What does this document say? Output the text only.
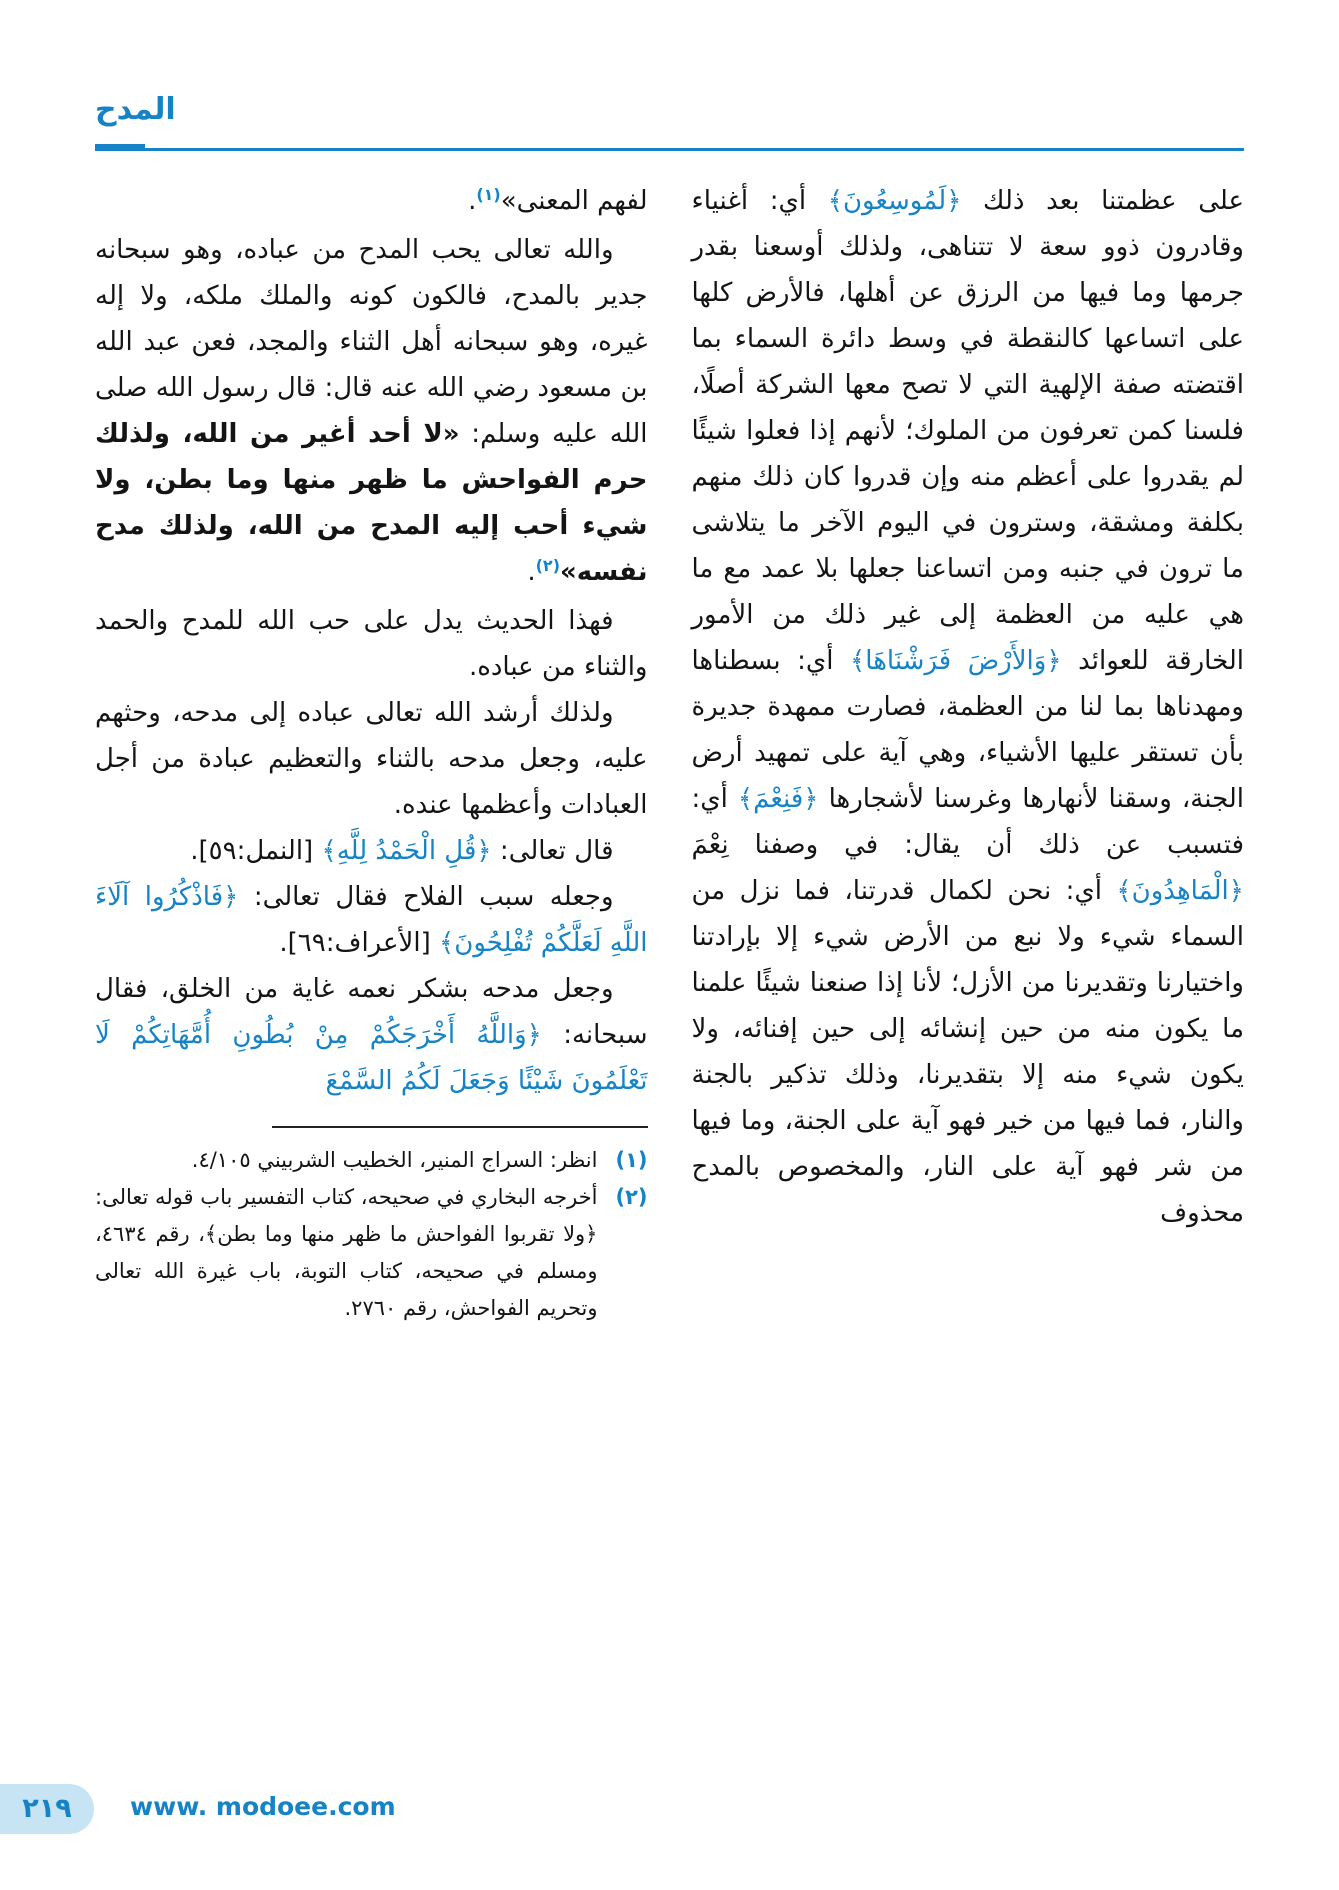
المدح

على عظمتنا بعد ذلك ﴿لَمُوسِعُونَ﴾ أي: أغنياء وقادرون ذوو سعة لا تتناهى، ولذلك أوسعنا بقدر جرمها وما فيها من الرزق عن أهلها، فالأرض كلها على اتساعها كالنقطة في وسط دائرة السماء بما اقتضته صفة الإلهية التي لا تصح معها الشركة أصلًا، فلسنا كمن تعرفون من الملوك؛ لأنهم إذا فعلوا شيئًا لم يقدروا على أعظم منه وإن قدروا كان ذلك منهم بكلفة ومشقة، وسترون في اليوم الآخر ما يتلاشى ما ترون في جنبه ومن اتساعنا جعلها بلا عمد مع ما هي عليه من العظمة إلى غير ذلك من الأمور الخارقة للعوائد ﴿وَالأَرْضَ فَرَشْنَاهَا﴾ أي: بسطناها ومهدناها بما لنا من العظمة، فصارت ممهدة جديرة بأن تستقر عليها الأشياء، وهي آية على تمهيد أرض الجنة، وسقنا لأنهارها وغرسنا لأشجارها ﴿فَنِعْمَ﴾ أي: فتسبب عن ذلك أن يقال: في وصفنا نِعْمَ ﴿الْمَاهِدُونَ﴾ أي: نحن لكمال قدرتنا، فما نزل من السماء شيء ولا نبع من الأرض شيء إلا بإرادتنا واختيارنا وتقديرنا من الأزل؛ لأنا إذا صنعنا شيئًا علمنا ما يكون منه من حين إنشائه إلى حين إفنائه، ولا يكون شيء منه إلا بتقديرنا، وذلك تذكير بالجنة والنار، فما فيها من خير فهو آية على الجنة، وما فيها من شر فهو آية على النار، والمخصوص بالمدح محذوف

لفهم المعنى»$^{(١)}$.

والله تعالى يحب المدح من عباده، وهو سبحانه جدير بالمدح، فالكون كونه والملك ملكه، ولا إله غيره، وهو سبحانه أهل الثناء والمجد، فعن عبد الله بن مسعود رضي الله عنه قال: قال رسول الله صلى الله عليه وسلم: «لا أحد أغير من الله، ولذلك حرم الفواحش ما ظهر منها وما بطن، ولا شيء أحب إليه المدح من الله، ولذلك مدح نفسه»$^{(٢)}$.

فهذا الحديث يدل على حب الله للمدح والحمد والثناء من عباده.

ولذلك أرشد الله تعالى عباده إلى مدحه، وحثهم عليه، وجعل مدحه بالثناء والتعظيم عبادة من أجل العبادات وأعظمها عنده.

قال تعالى: ﴿قُلِ الْحَمْدُ لِلَّهِ﴾ [النمل:٥٩].

وجعله سبب الفلاح فقال تعالى: ﴿فَاذْكُرُوا آلَاءَ اللَّهِ لَعَلَّكُمْ تُفْلِحُونَ﴾ [الأعراف:٦٩].

وجعل مدحه بشكر نعمه غاية من الخلق، فقال سبحانه: ﴿وَاللَّهُ أَخْرَجَكُمْ مِنْ بُطُونِ أُمَّهَاتِكُمْ لَا تَعْلَمُونَ شَيْئًا وَجَعَلَ لَكُمُ السَّمْعَ

(١)
انظر: السراج المنير، الخطيب الشربيني ٤/١٠٥.
(٢)
أخرجه البخاري في صحيحه، كتاب التفسير باب قوله تعالى: ﴿ولا تقربوا الفواحش ما ظهر منها وما بطن﴾، رقم ٤٦٣٤، ومسلم في صحيحه، كتاب التوبة، باب غيرة الله تعالى وتحريم الفواحش، رقم ٢٧٦٠.
٢١٩	www. modoee.com
